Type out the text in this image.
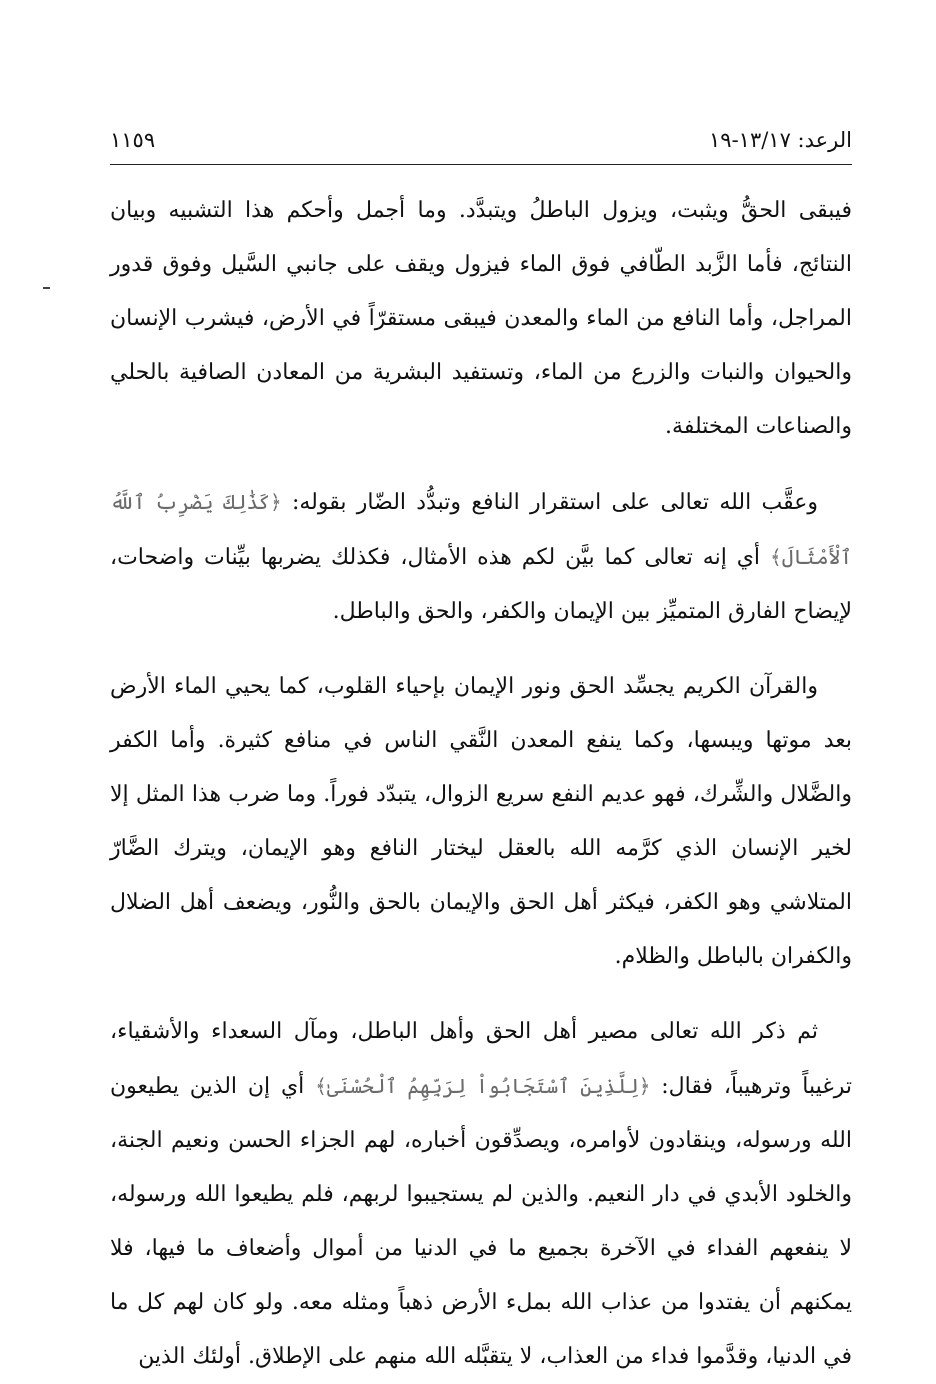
الرعد: ١٣/١٧-١٩
١١٥٩

فيبقى الحقُّ ويثبت، ويزول الباطلُ ويتبدَّد. وما أجمل وأحكم هذا التشبيه وبيان النتائج، فأما الزَّبد الطّافي فوق الماء فيزول ويقف على جانبي السَّيل وفوق قدور المراجل، وأما النافع من الماء والمعدن فيبقى مستقرّاً في الأرض، فيشرب الإنسان والحيوان والنبات والزرع من الماء، وتستفيد البشرية من المعادن الصافية بالحلي والصناعات المختلفة.

وعقَّب الله تعالى على استقرار النافع وتبدُّد الضّار بقوله: ﴿كَذَٰلِكَ يَضْرِبُ ٱللَّهُ ٱلْأَمْثَالَ﴾ أي إنه تعالى كما بيَّن لكم هذه الأمثال، فكذلك يضربها بيِّنات واضحات، لإيضاح الفارق المتميِّز بين الإيمان والكفر، والحق والباطل.

والقرآن الكريم يجسِّد الحق ونور الإيمان بإحياء القلوب، كما يحيي الماء الأرض بعد موتها ويبسها، وكما ينفع المعدن النَّقي الناس في منافع كثيرة. وأما الكفر والضَّلال والشِّرك، فهو عديم النفع سريع الزوال، يتبدّد فوراً. وما ضرب هذا المثل إلا لخير الإنسان الذي كرَّمه الله بالعقل ليختار النافع وهو الإيمان، ويترك الضَّارّ المتلاشي وهو الكفر، فيكثر أهل الحق والإيمان بالحق والنُّور، ويضعف أهل الضلال والكفران بالباطل والظلام.

ثم ذكر الله تعالى مصير أهل الحق وأهل الباطل، ومآل السعداء والأشقياء، ترغيباً وترهيباً، فقال: ﴿لِلَّذِينَ ٱسْتَجَابُواْ لِرَبِّهِمُ ٱلْحُسْنَىٰ﴾ أي إن الذين يطيعون الله ورسوله، وينقادون لأوامره، ويصدِّقون أخباره، لهم الجزاء الحسن ونعيم الجنة، والخلود الأبدي في دار النعيم. والذين لم يستجيبوا لربهم، فلم يطيعوا الله ورسوله، لا ينفعهم الفداء في الآخرة بجميع ما في الدنيا من أموال وأضعاف ما فيها، فلا يمكنهم أن يفتدوا من عذاب الله بملء الأرض ذهباً ومثله معه. ولو كان لهم كل ما في الدنيا، وقدَّموا فداء من العذاب، لا يتقبَّله الله منهم على الإطلاق. أولئك الذين
